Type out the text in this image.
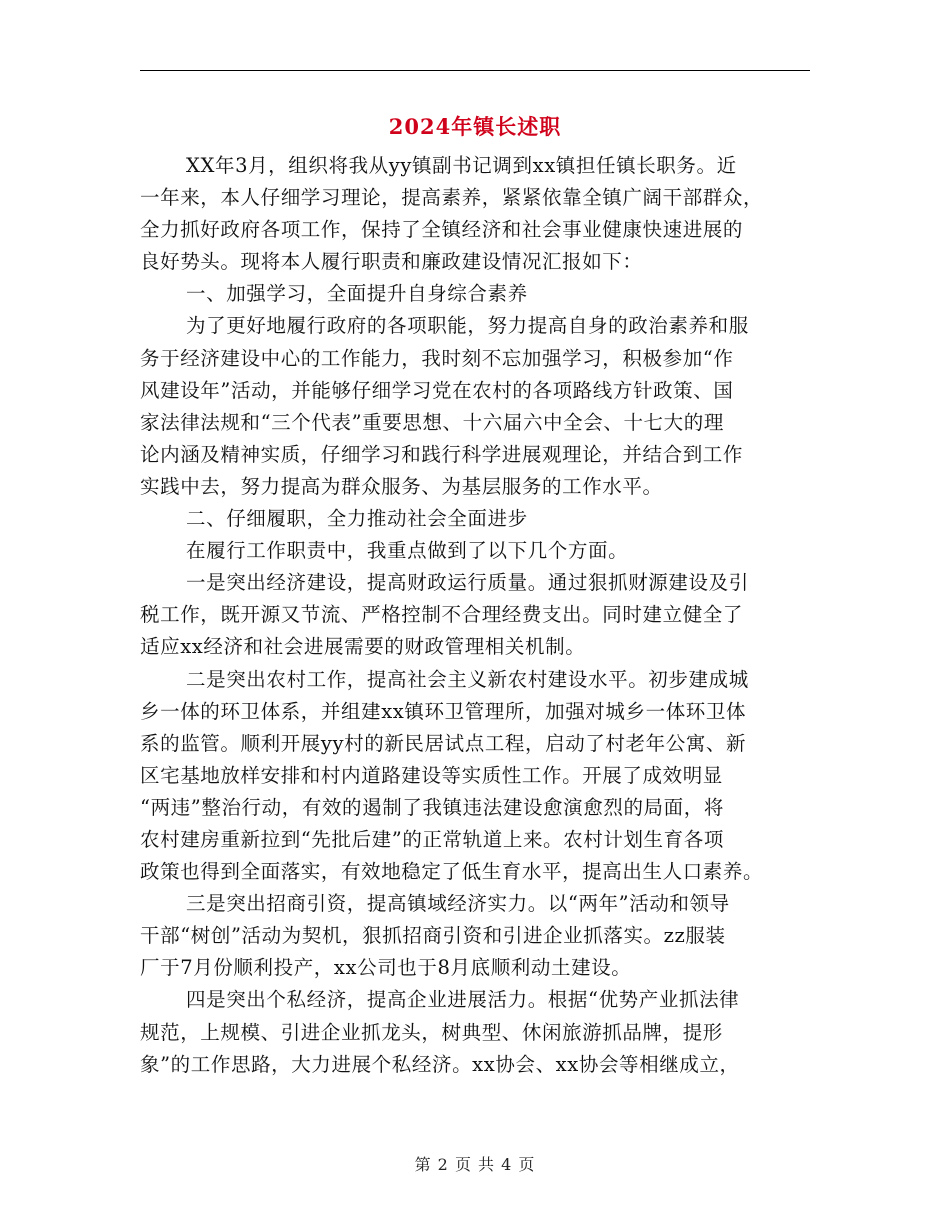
2024年镇长述职
XX年3月，组织将我从yy镇副书记调到xx镇担任镇长职务。近
一年来，本人仔细学习理论，提高素养，紧紧依靠全镇广阔干部群众，
全力抓好政府各项工作，保持了全镇经济和社会事业健康快速进展的
良好势头。现将本人履行职责和廉政建设情况汇报如下：
一、加强学习，全面提升自身综合素养
为了更好地履行政府的各项职能，努力提高自身的政治素养和服
务于经济建设中心的工作能力，我时刻不忘加强学习，积极参加“作
风建设年”活动，并能够仔细学习党在农村的各项路线方针政策、国
家法律法规和“三个代表”重要思想、十六届六中全会、十七大的理
论内涵及精神实质，仔细学习和践行科学进展观理论，并结合到工作
实践中去，努力提高为群众服务、为基层服务的工作水平。
二、仔细履职，全力推动社会全面进步
在履行工作职责中，我重点做到了以下几个方面。
一是突出经济建设，提高财政运行质量。通过狠抓财源建设及引
税工作，既开源又节流、严格控制不合理经费支出。同时建立健全了
适应xx经济和社会进展需要的财政管理相关机制。
二是突出农村工作，提高社会主义新农村建设水平。初步建成城
乡一体的环卫体系，并组建xx镇环卫管理所，加强对城乡一体环卫体
系的监管。顺利开展yy村的新民居试点工程，启动了村老年公寓、新
区宅基地放样安排和村内道路建设等实质性工作。开展了成效明显
“两违”整治行动，有效的遏制了我镇违法建设愈演愈烈的局面，将
农村建房重新拉到“先批后建”的正常轨道上来。农村计划生育各项
政策也得到全面落实，有效地稳定了低生育水平，提高出生人口素养。
三是突出招商引资，提高镇域经济实力。以“两年”活动和领导
干部“树创”活动为契机，狠抓招商引资和引进企业抓落实。zz服装
厂于7月份顺利投产，xx公司也于8月底顺利动土建设。
四是突出个私经济，提高企业进展活力。根据“优势产业抓法律
规范，上规模、引进企业抓龙头，树典型、休闲旅游抓品牌，提形
象”的工作思路，大力进展个私经济。xx协会、xx协会等相继成立，
第 2 页 共 4 页
